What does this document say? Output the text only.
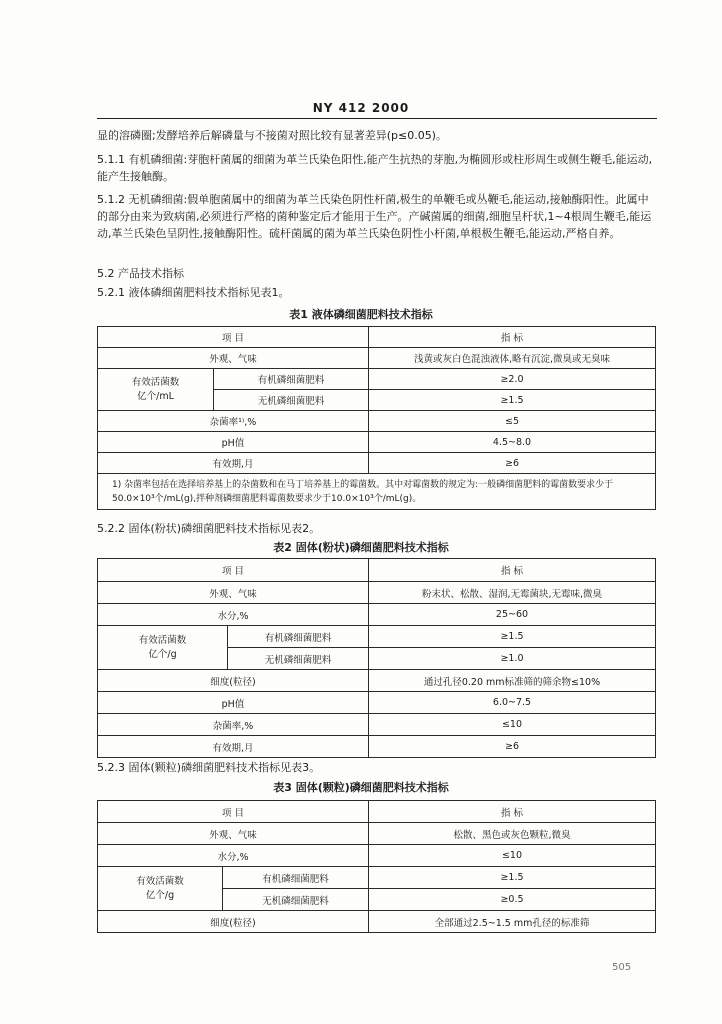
NY 412 2000
显的溶磷圈;发酵培养后解磷量与不接菌对照比较有显著差异(p≤0.05)。
5.1.1 有机磷细菌:芽胞杆菌属的细菌为革兰氏染色阳性,能产生抗热的芽胞,为椭圆形或柱形周生或侧生鞭毛,能运动,能产生接触酶。
5.1.2 无机磷细菌:假单胞菌属中的细菌为革兰氏染色阴性杆菌,极生的单鞭毛或丛鞭毛,能运动,接触酶阳性。此属中的部分由来为致病菌,必须进行严格的菌种鉴定后才能用于生产。产碱菌属的细菌,细胞呈杆状,1~4根周生鞭毛,能运动,革兰氏染色呈阴性,接触酶阳性。硫杆菌属的菌为革兰氏染色阴性小杆菌,单根极生鞭毛,能运动,严格自养。
5.2 产品技术指标
5.2.1 液体磷细菌肥料技术指标见表1。
表1 液体磷细菌肥料技术指标
项 目		指 标
外观、气味		浅黄或灰白色混浊液体,略有沉淀,微臭或无臭味

有效活菌数
亿个/mL	有机磷细菌肥料	≥2.0
	无机磷细菌肥料	≥1.5
杂菌率¹⁾,%		≤5
pH值		4.5~8.0
有效期,月		≥6
1) 杂菌率包括在选择培养基上的杂菌数和在马丁培养基上的霉菌数。其中对霉菌数的规定为:一般磷细菌肥料的霉菌数要求少于50.0×10³个/mL(g),拌种剂磷细菌肥料霉菌数要求少于10.0×10³个/mL(g)。		
5.2.2 固体(粉状)磷细菌肥料技术指标见表2。
表2 固体(粉状)磷细菌肥料技术指标
项 目		指 标
外观、气味		粉末状、松散、湿润,无霉菌块,无霉味,微臭
水分,%		25~60

有效活菌数
亿个/g	有机磷细菌肥料	≥1.5
	无机磷细菌肥料	≥1.0
细度(粒径)		通过孔径0.20 mm标准筛的筛余物≤10%
pH值		6.0~7.5
杂菌率,%		≤10
有效期,月		≥6
5.2.3 固体(颗粒)磷细菌肥料技术指标见表3。
表3 固体(颗粒)磷细菌肥料技术指标
项 目		指 标
外观、气味		松散、黑色或灰色颗粒,微臭
水分,%		≤10

有效活菌数
亿个/g	有机磷细菌肥料	≥1.5
	无机磷细菌肥料	≥0.5
细度(粒径)		全部通过2.5~1.5 mm孔径的标准筛
505
